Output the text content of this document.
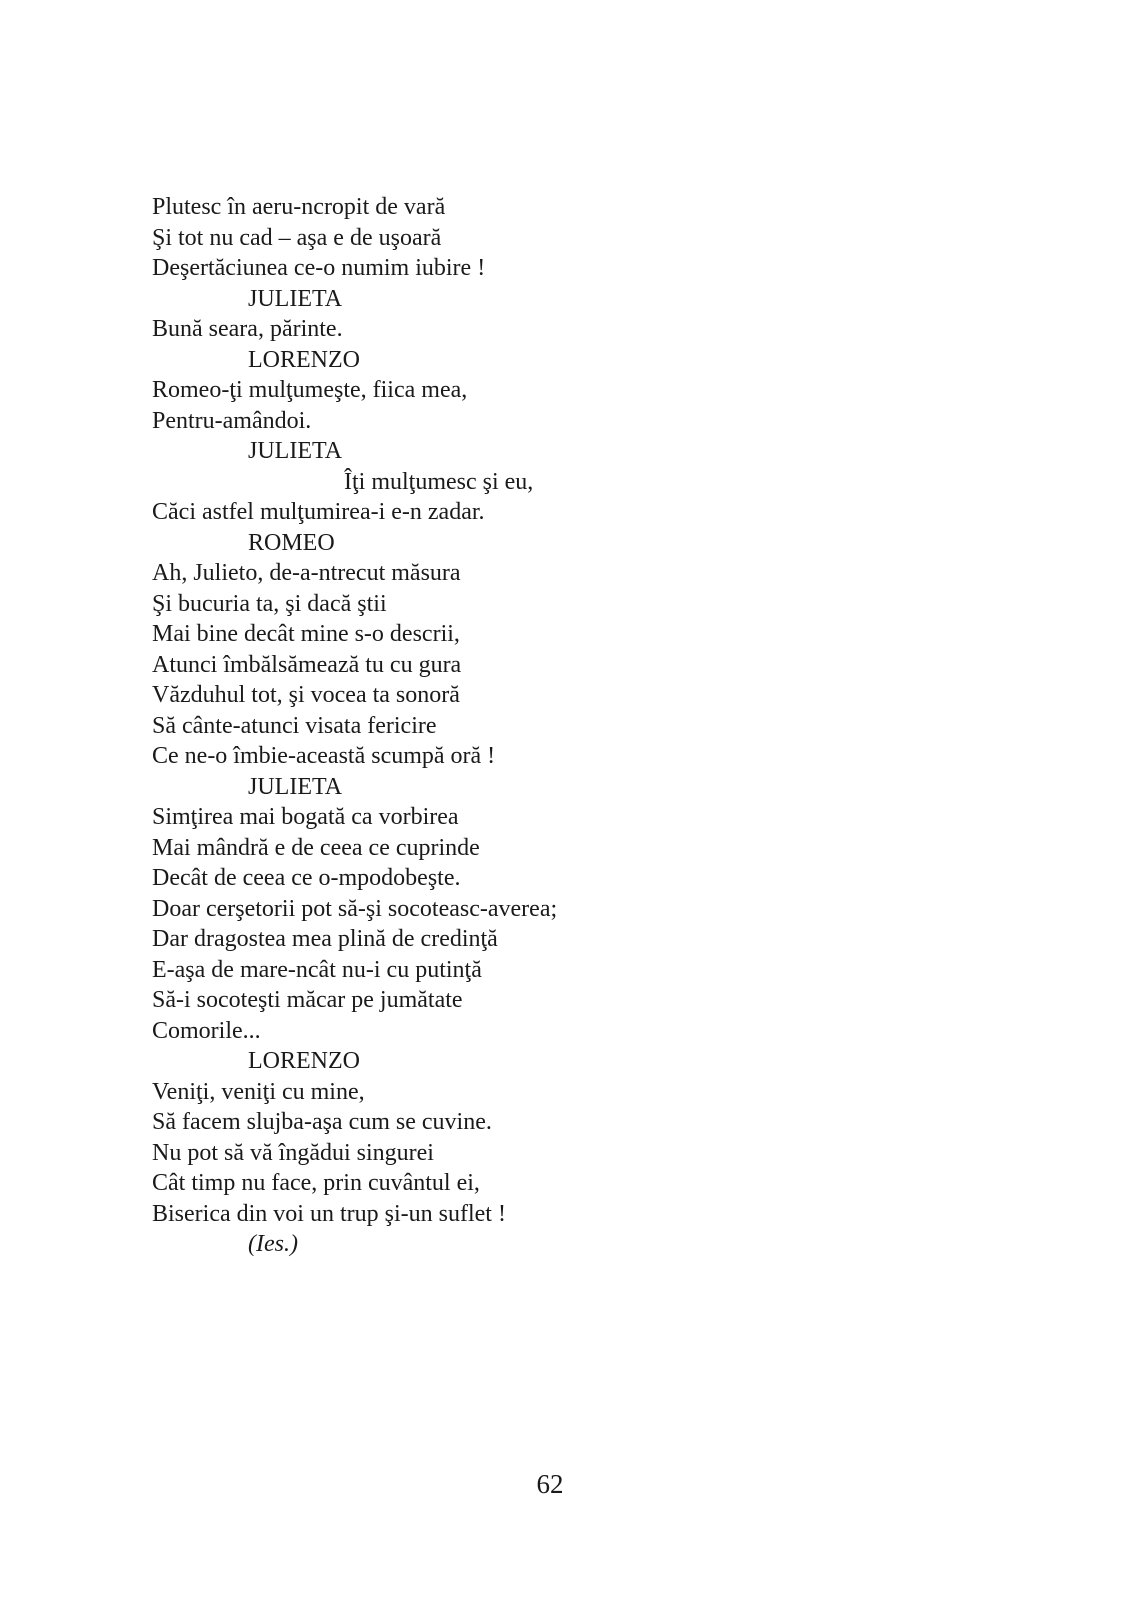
Plutesc în aeru-ncropit de vară
Şi tot nu cad – aşa e de uşoară
Deşertăciunea ce-o numim iubire !
JULIETA
Bună seara, părinte.
LORENZO
Romeo-ţi mulţumeşte, fiica mea,
Pentru-amândoi.
JULIETA
Îţi mulţumesc şi eu,
Căci astfel mulţumirea-i e-n zadar.
ROMEO
Ah, Julieto, de-a-ntrecut măsura
Şi bucuria ta, şi dacă ştii
Mai bine decât mine s-o descrii,
Atunci îmbălsămează tu cu gura
Văzduhul tot, şi vocea ta sonoră
Să cânte-atunci visata fericire
Ce ne-o îmbie-această scumpă oră !
JULIETA
Simţirea mai bogată ca vorbirea
Mai mândră e de ceea ce cuprinde
Decât de ceea ce o-mpodobeşte.
Doar cerşetorii pot să-şi socoteasc-averea;
Dar dragostea mea plină de credinţă
E-aşa de mare-ncât nu-i cu putinţă
Să-i socoteşti măcar pe jumătate
Comorile...
LORENZO
Veniţi, veniţi cu mine,
Să facem slujba-aşa cum se cuvine.
Nu pot să vă îngădui singurei
Cât timp nu face, prin cuvântul ei,
Biserica din voi un trup şi-un suflet !
(Ies.)
62
